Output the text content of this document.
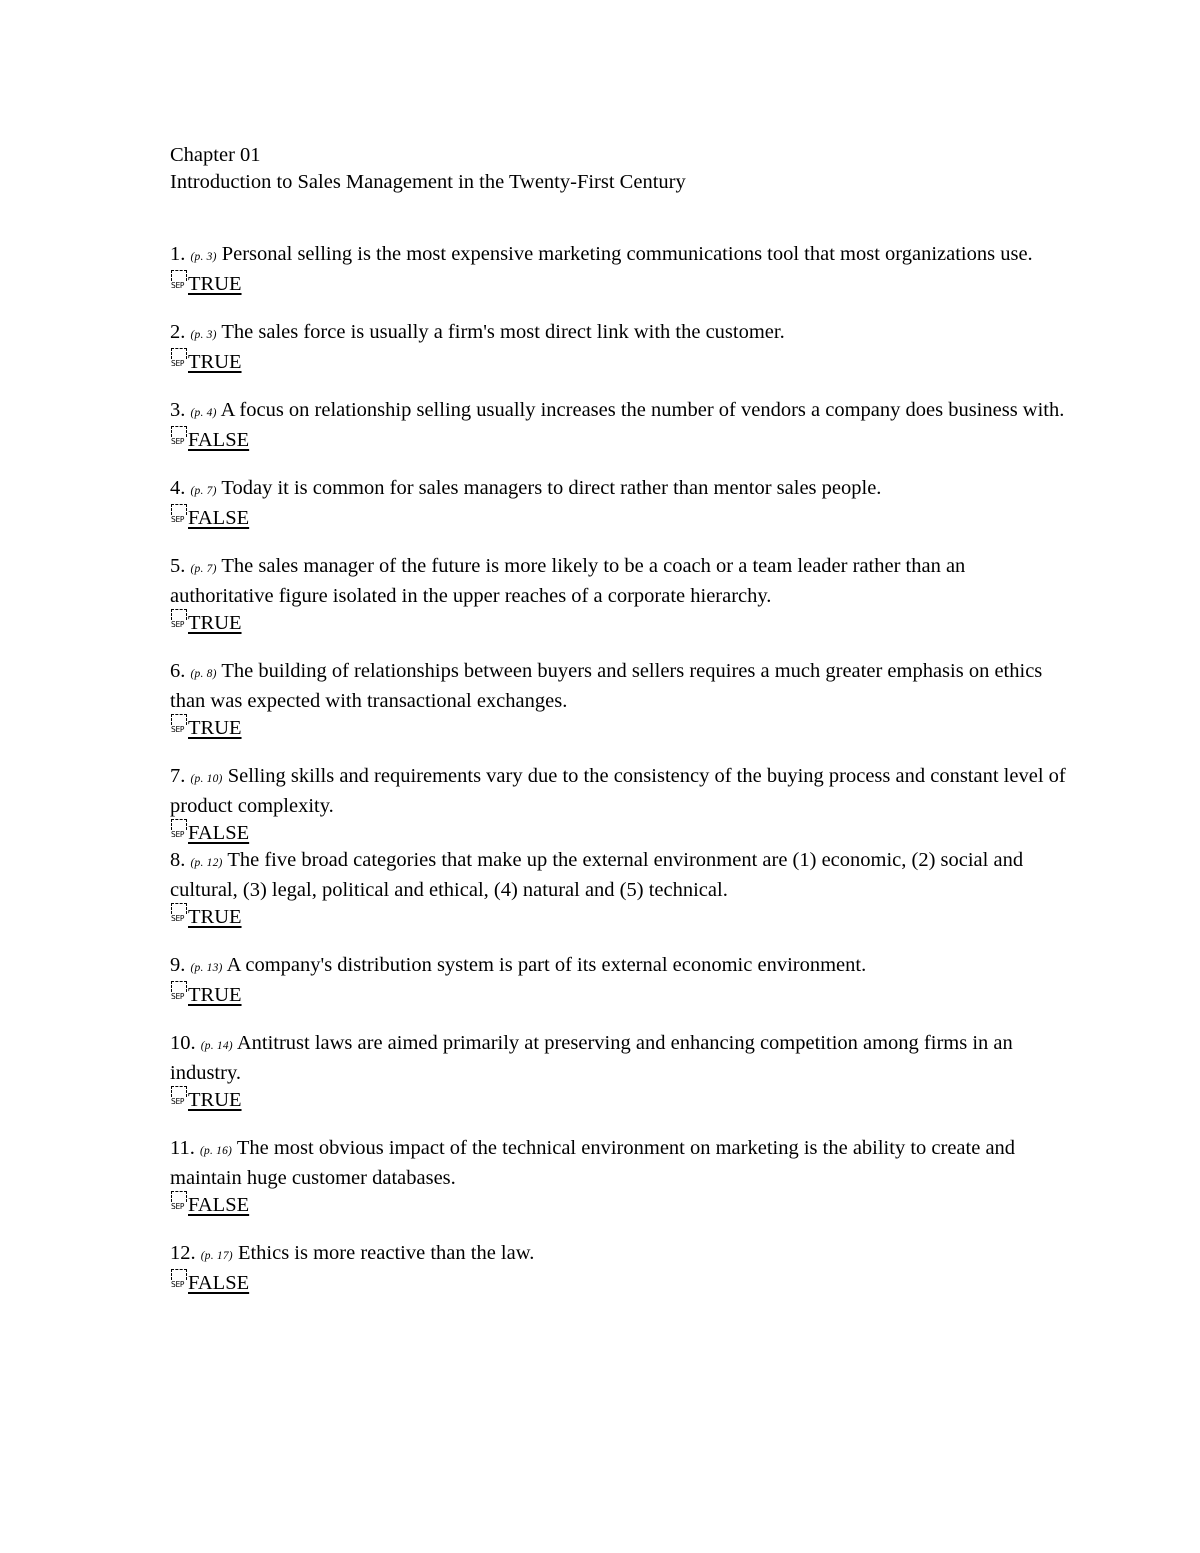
Chapter 01
Introduction to Sales Management in the Twenty-First Century
1. (p. 3) Personal selling is the most expensive marketing communications tool that most organizations use.
SEP TRUE
2. (p. 3) The sales force is usually a firm's most direct link with the customer.
SEP TRUE
3. (p. 4) A focus on relationship selling usually increases the number of vendors a company does business with.
SEP FALSE
4. (p. 7) Today it is common for sales managers to direct rather than mentor sales people.
SEP FALSE
5. (p. 7) The sales manager of the future is more likely to be a coach or a team leader rather than an authoritative figure isolated in the upper reaches of a corporate hierarchy.
SEP TRUE
6. (p. 8) The building of relationships between buyers and sellers requires a much greater emphasis on ethics than was expected with transactional exchanges.
SEP TRUE
7. (p. 10) Selling skills and requirements vary due to the consistency of the buying process and constant level of product complexity.
SEP FALSE
8. (p. 12) The five broad categories that make up the external environment are (1) economic, (2) social and cultural, (3) legal, political and ethical, (4) natural and (5) technical.
SEP TRUE
9. (p. 13) A company's distribution system is part of its external economic environment.
SEP TRUE
10. (p. 14) Antitrust laws are aimed primarily at preserving and enhancing competition among firms in an industry.
SEP TRUE
11. (p. 16) The most obvious impact of the technical environment on marketing is the ability to create and maintain huge customer databases.
SEP FALSE
12. (p. 17) Ethics is more reactive than the law.
SEP FALSE
